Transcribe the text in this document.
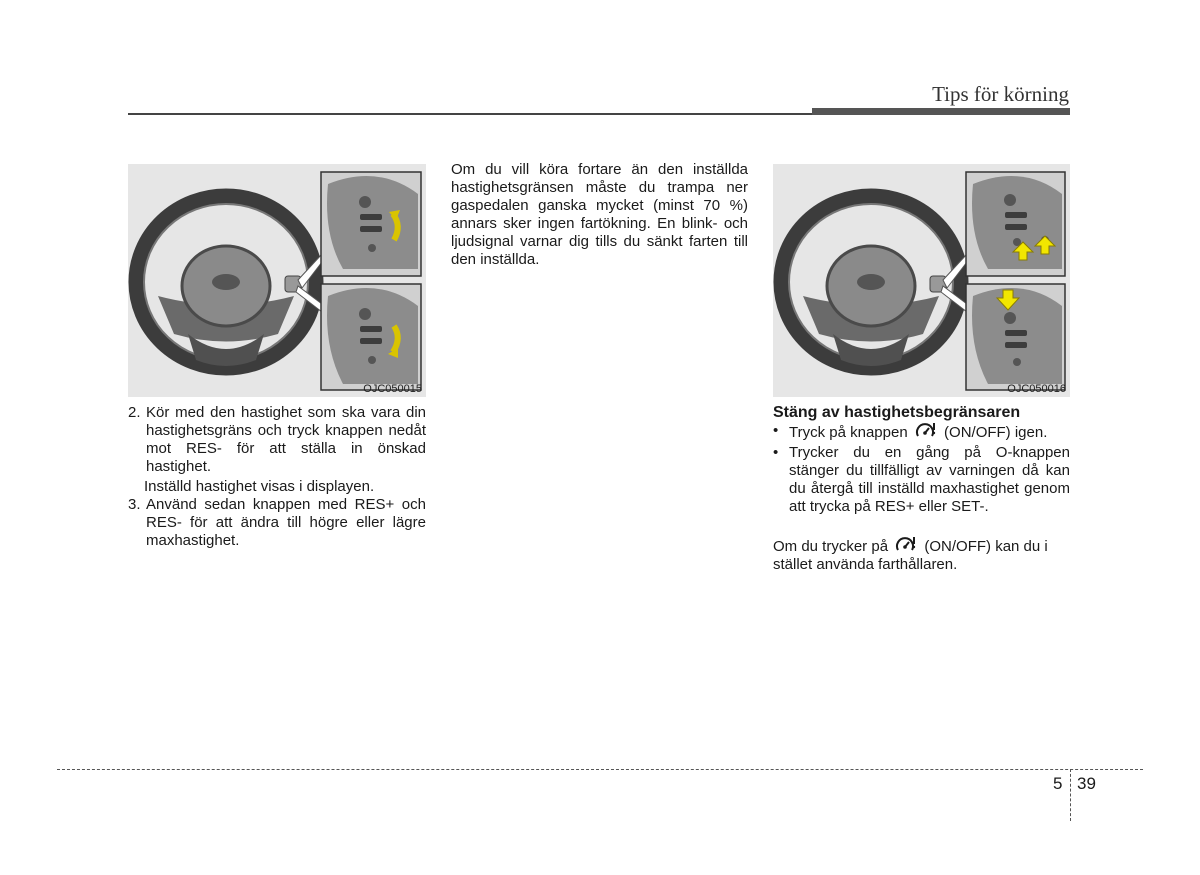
Tips för körning
OJC050015
2. Kör med den hastighet som ska vara din hastighetsgräns och tryck knappen nedåt mot RES- för att ställa in önskad hastighet.

Inställd hastighet visas i displayen.

3. Använd sedan knappen med RES+ och RES- för att ändra till högre eller lägre maxhastighet.

Om du vill köra fortare än den inställda hastighetsgränsen måste du trampa ner gaspedalen ganska mycket (minst 70 %) annars sker ingen fartökning. En blink- och ljudsignal varnar dig tills du sänkt farten till den inställda.

OJC050016

Stäng av hastighetsbegränsaren

• Tryck på knappen (ON/OFF) igen.
• Trycker du en gång på O-knappen stänger du tillfälligt av varningen då kan du återgå till inställd maxhastighet genom att trycka på RES+ eller SET-.

Om du trycker på (ON/OFF) kan du i stället använda farthållaren.

5 39
